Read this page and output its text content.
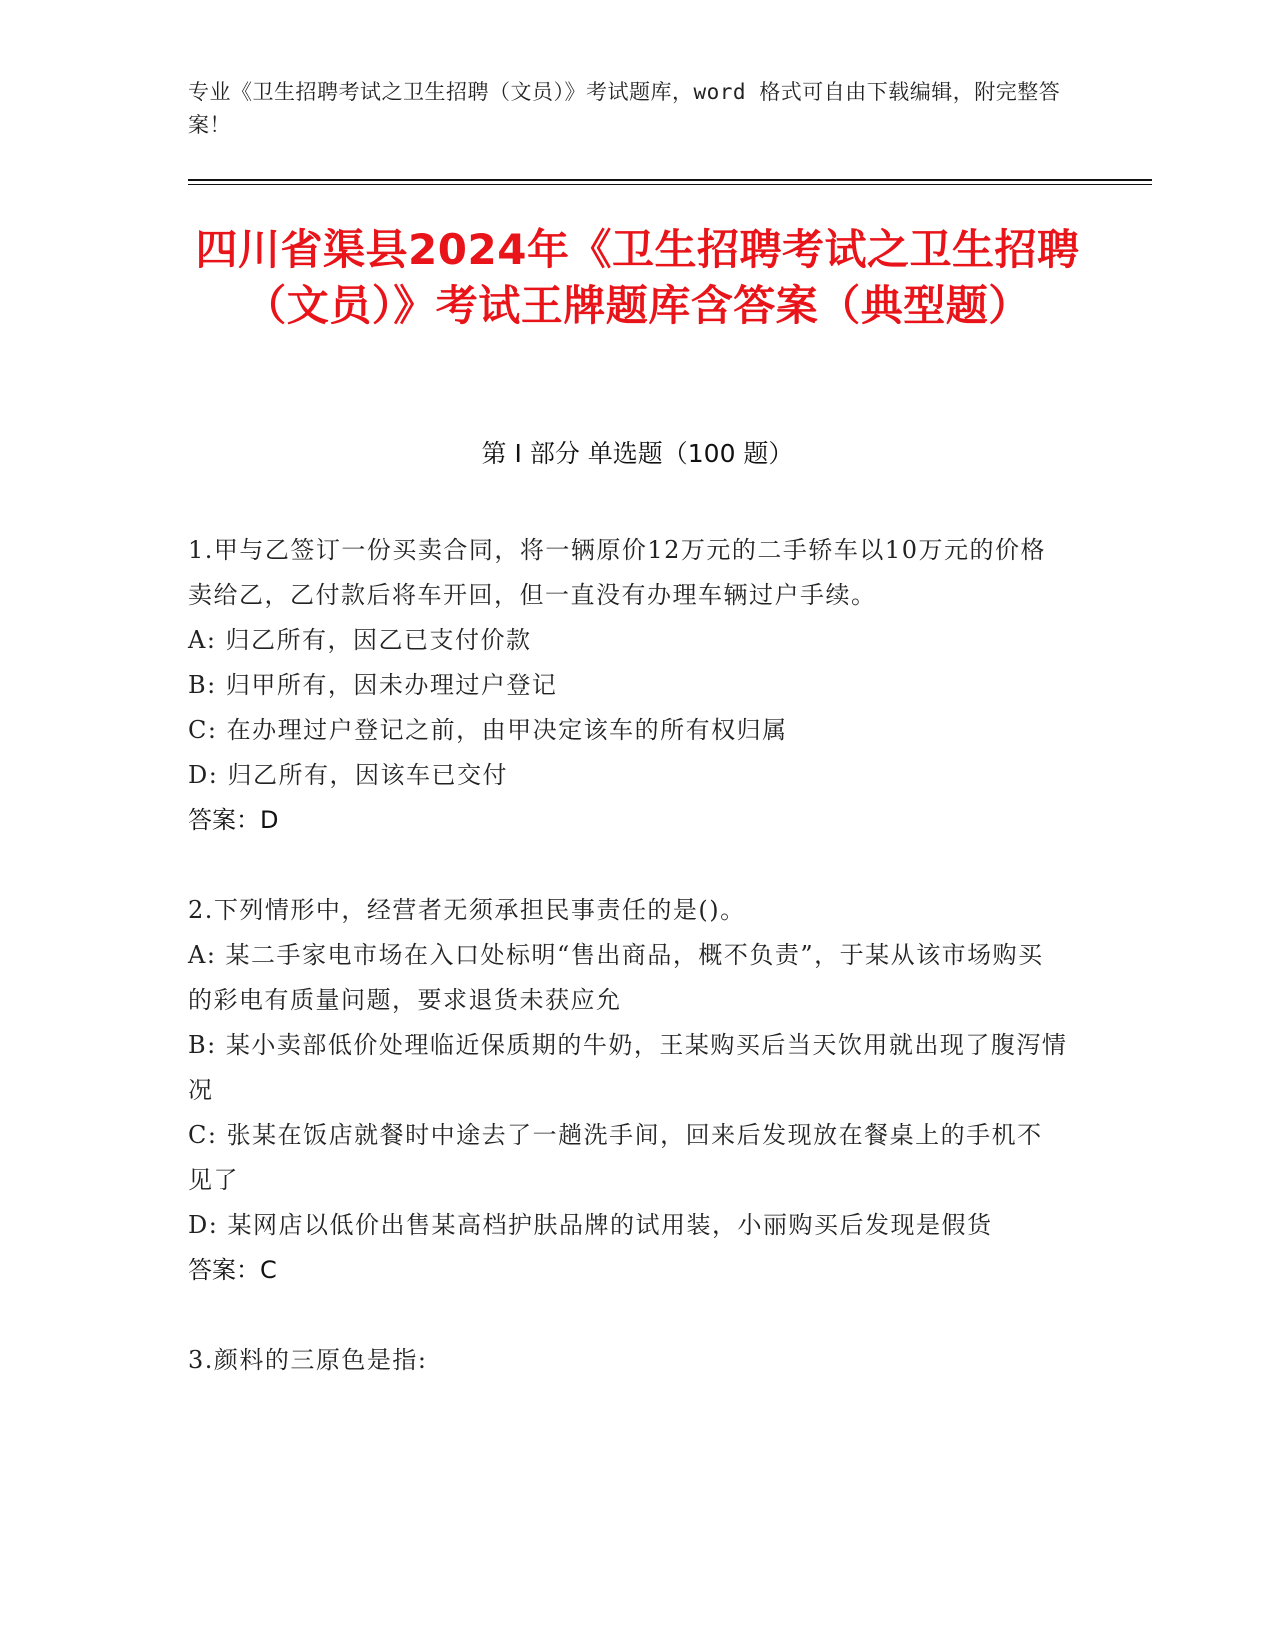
专业《卫生招聘考试之卫生招聘（文员）》考试题库，word 格式可自由下载编辑，附完整答案！
四川省渠县2024年《卫生招聘考试之卫生招聘（文员）》考试王牌题库含答案（典型题）
第 I 部分 单选题（100 题）
1.甲与乙签订一份买卖合同，将一辆原价12万元的二手轿车以10万元的价格卖给乙，乙付款后将车开回，但一直没有办理车辆过户手续。
A: 归乙所有，因乙已支付价款
B: 归甲所有，因未办理过户登记
C: 在办理过户登记之前，由甲决定该车的所有权归属
D: 归乙所有，因该车已交付
答案：D
2.下列情形中，经营者无须承担民事责任的是()。
A: 某二手家电市场在入口处标明“售出商品，概不负责”，于某从该市场购买的彩电有质量问题，要求退货未获应允
B: 某小卖部低价处理临近保质期的牛奶，王某购买后当天饮用就出现了腹泻情况
C: 张某在饭店就餐时中途去了一趟洗手间，回来后发现放在餐桌上的手机不见了
D: 某网店以低价出售某高档护肤品牌的试用装，小丽购买后发现是假货
答案：C
3.颜料的三原色是指:
